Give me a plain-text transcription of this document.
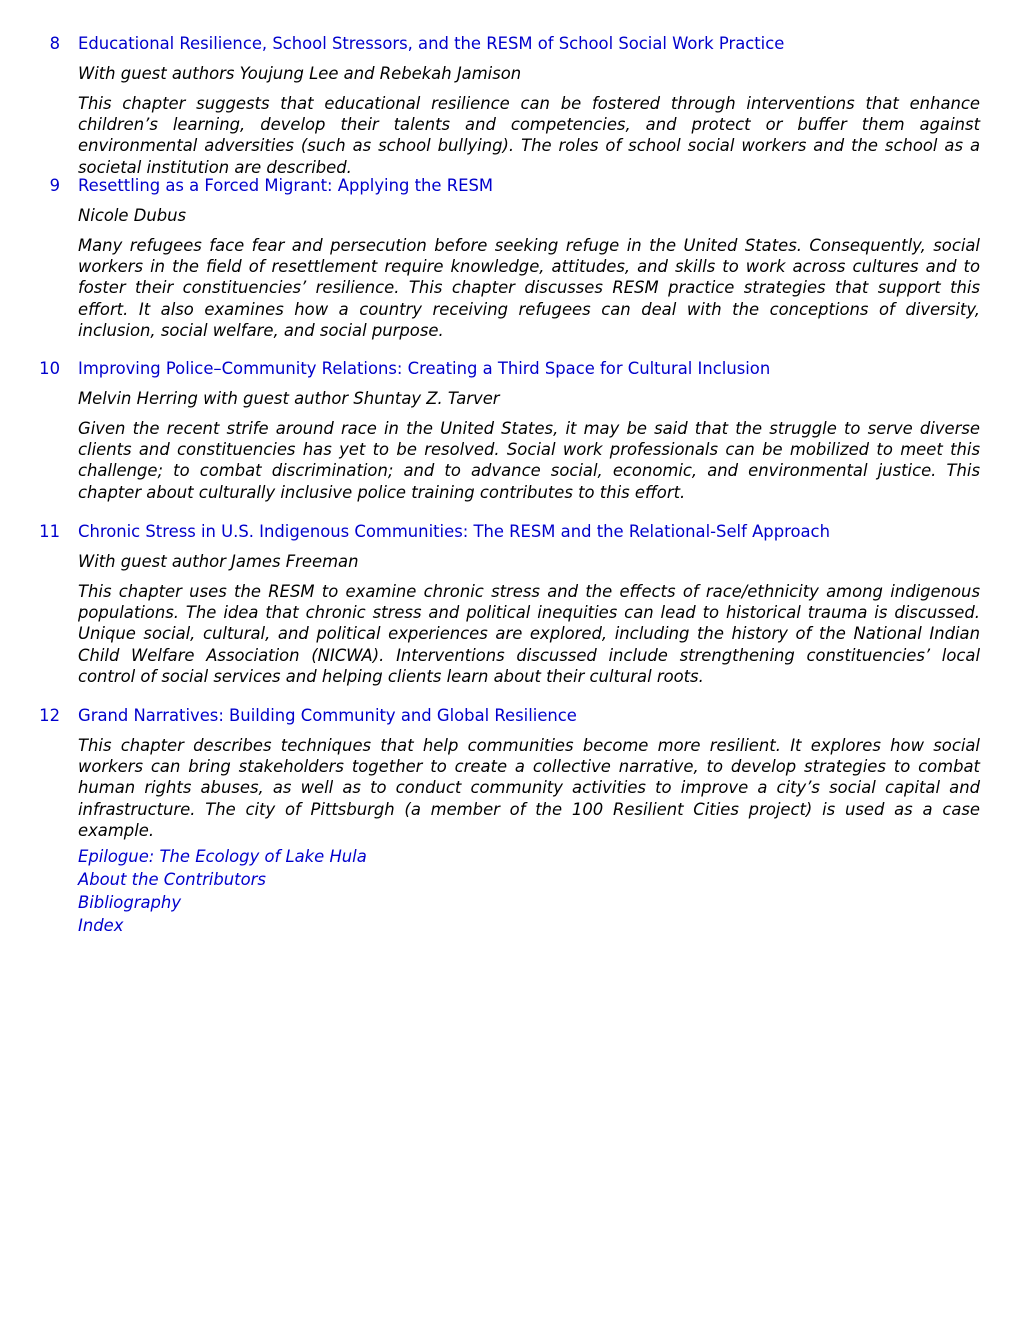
8 Educational Resilience, School Stressors, and the RESM of School Social Work Practice
With guest authors Youjung Lee and Rebekah Jamison

This chapter suggests that educational resilience can be fostered through interventions that enhance children’s learning, develop their talents and competencies, and protect or buffer them against environmental adversities (such as school bullying). The roles of school social workers and the school as a societal institution are described.

9 Resettling as a Forced Migrant: Applying the RESM
Nicole Dubus

Many refugees face fear and persecution before seeking refuge in the United States. Consequently, social workers in the field of resettlement require knowledge, attitudes, and skills to work across cultures and to foster their constituencies’ resilience. This chapter discusses RESM practice strategies that support this effort. It also examines how a country receiving refugees can deal with the conceptions of diversity, inclusion, social welfare, and social purpose.

10 Improving Police–Community Relations: Creating a Third Space for Cultural Inclusion
Melvin Herring with guest author Shuntay Z. Tarver

Given the recent strife around race in the United States, it may be said that the struggle to serve diverse clients and constituencies has yet to be resolved. Social work professionals can be mobilized to meet this challenge; to combat discrimination; and to advance social, economic, and environmental justice. This chapter about culturally inclusive police training contributes to this effort.

11 Chronic Stress in U.S. Indigenous Communities: The RESM and the Relational-Self Approach
With guest author James Freeman

This chapter uses the RESM to examine chronic stress and the effects of race/ethnicity among indigenous populations. The idea that chronic stress and political inequities can lead to historical trauma is discussed. Unique social, cultural, and political experiences are explored, including the history of the National Indian Child Welfare Association (NICWA). Interventions discussed include strengthening constituencies’ local control of social services and helping clients learn about their cultural roots.

12 Grand Narratives: Building Community and Global Resilience

This chapter describes techniques that help communities become more resilient. It explores how social workers can bring stakeholders together to create a collective narrative, to develop strategies to combat human rights abuses, as well as to conduct community activities to improve a city’s social capital and infrastructure. The city of Pittsburgh (a member of the 100 Resilient Cities project) is used as a case example.

Epilogue: The Ecology of Lake Hula
About the Contributors
Bibliography
Index
